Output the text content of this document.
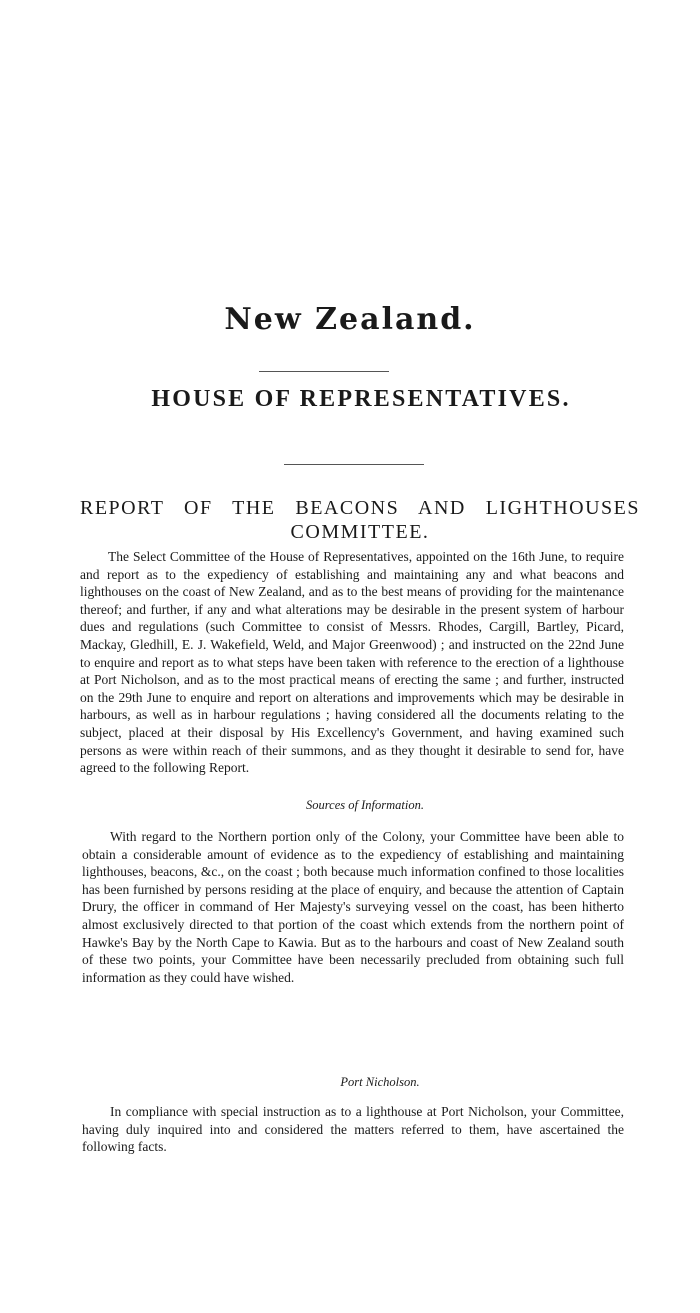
New Zealand.
HOUSE OF REPRESENTATIVES.
REPORT OF THE BEACONS AND LIGHTHOUSES
COMMITTEE.

The Select Committee of the House of Representatives, appointed on the 16th June, to require and report as to the expediency of establishing and maintaining any and what beacons and lighthouses on the coast of New Zealand, and as to the best means of providing for the maintenance thereof; and further, if any and what alterations may be desirable in the present system of harbour dues and regulations (such Committee to consist of Messrs. Rhodes, Cargill, Bartley, Picard, Mackay, Gledhill, E. J. Wakefield, Weld, and Major Greenwood) ; and instructed on the 22nd June to enquire and report as to what steps have been taken with reference to the erection of a lighthouse at Port Nicholson, and as to the most practical means of erecting the same ; and further, instructed on the 29th June to enquire and report on alterations and improvements which may be desirable in harbours, as well as in harbour regulations ; having considered all the documents relating to the subject, placed at their disposal by His Excellency's Government, and having examined such persons as were within reach of their summons, and as they thought it desirable to send for, have agreed to the following Report.

Sources of Information.

With regard to the Northern portion only of the Colony, your Committee have been able to obtain a considerable amount of evidence as to the expediency of establishing and maintaining lighthouses, beacons, &c., on the coast ; both because much information confined to those localities has been furnished by persons residing at the place of enquiry, and because the attention of Captain Drury, the officer in command of Her Majesty's surveying vessel on the coast, has been hitherto almost exclusively directed to that portion of the coast which extends from the northern point of Hawke's Bay by the North Cape to Kawia. But as to the harbours and coast of New Zealand south of these two points, your Committee have been necessarily precluded from obtaining such full information as they could have wished.

Port Nicholson.

In compliance with special instruction as to a lighthouse at Port Nicholson, your Committee, having duly inquired into and considered the matters referred to them, have ascertained the following facts.
